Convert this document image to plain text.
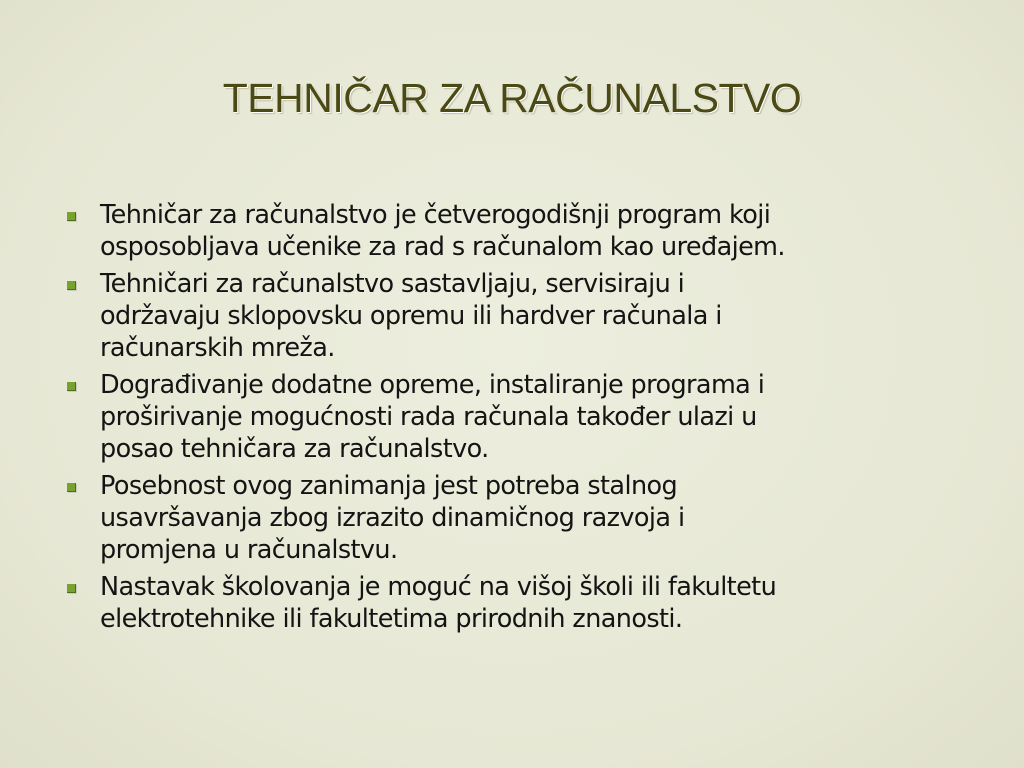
TEHNIČAR ZA RAČUNALSTVO
Tehničar za računalstvo je četverogodišnji program koji
osposobljava učenike za rad s računalom kao uređajem.
Tehničari za računalstvo sastavljaju, servisiraju i
održavaju sklopovsku opremu ili hardver računala i
računarskih mreža.
Dograđivanje dodatne opreme, instaliranje programa i
proširivanje mogućnosti rada računala također ulazi u
posao tehničara za računalstvo.
Posebnost ovog zanimanja jest potreba stalnog
usavršavanja zbog izrazito dinamičnog razvoja i
promjena u računalstvu.
Nastavak školovanja je moguć na višoj školi ili fakultetu
elektrotehnike ili fakultetima prirodnih znanosti.
